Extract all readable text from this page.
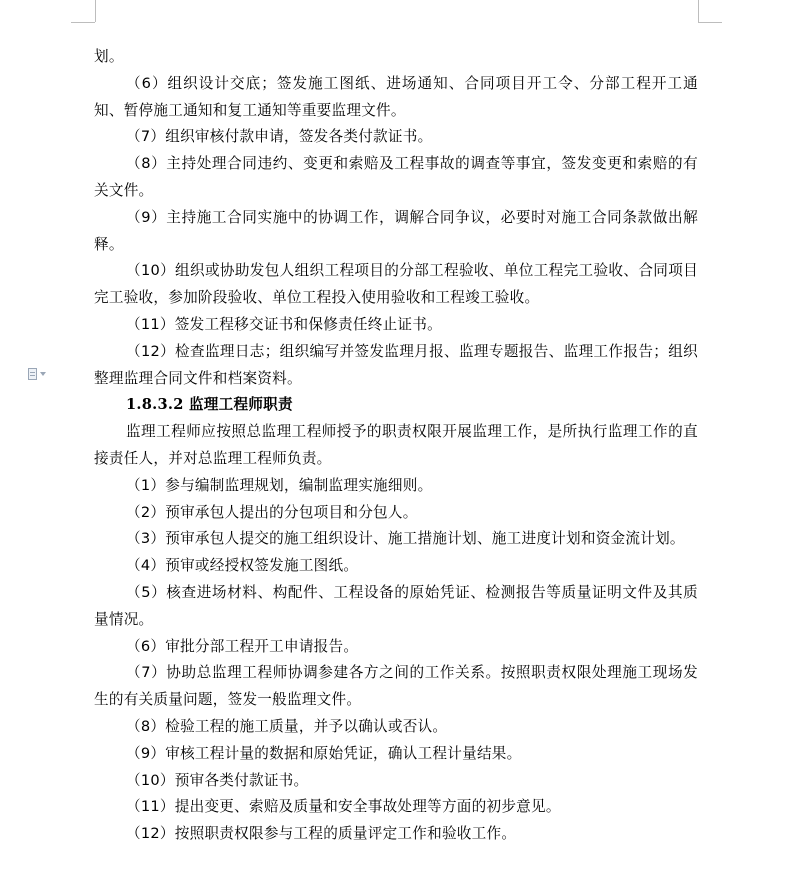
划。

（6）组织设计交底；签发施工图纸、进场通知、合同项目开工令、分部工程开工通知、暂停施工通知和复工通知等重要监理文件。

（7）组织审核付款申请，签发各类付款证书。

（8）主持处理合同违约、变更和索赔及工程事故的调查等事宜，签发变更和索赔的有关文件。

（9）主持施工合同实施中的协调工作，调解合同争议，必要时对施工合同条款做出解释。

（10）组织或协助发包人组织工程项目的分部工程验收、单位工程完工验收、合同项目完工验收，参加阶段验收、单位工程投入使用验收和工程竣工验收。

（11）签发工程移交证书和保修责任终止证书。

（12）检查监理日志；组织编写并签发监理月报、监理专题报告、监理工作报告；组织整理监理合同文件和档案资料。

1.8.3.2 监理工程师职责

监理工程师应按照总监理工程师授予的职责权限开展监理工作，是所执行监理工作的直接责任人，并对总监理工程师负责。

（1）参与编制监理规划，编制监理实施细则。

（2）预审承包人提出的分包项目和分包人。

（3）预审承包人提交的施工组织设计、施工措施计划、施工进度计划和资金流计划。

（4）预审或经授权签发施工图纸。

（5）核查进场材料、构配件、工程设备的原始凭证、检测报告等质量证明文件及其质量情况。

（6）审批分部工程开工申请报告。

（7）协助总监理工程师协调参建各方之间的工作关系。按照职责权限处理施工现场发生的有关质量问题，签发一般监理文件。

（8）检验工程的施工质量，并予以确认或否认。

（9）审核工程计量的数据和原始凭证，确认工程计量结果。

（10）预审各类付款证书。

（11）提出变更、索赔及质量和安全事故处理等方面的初步意见。

（12）按照职责权限参与工程的质量评定工作和验收工作。
